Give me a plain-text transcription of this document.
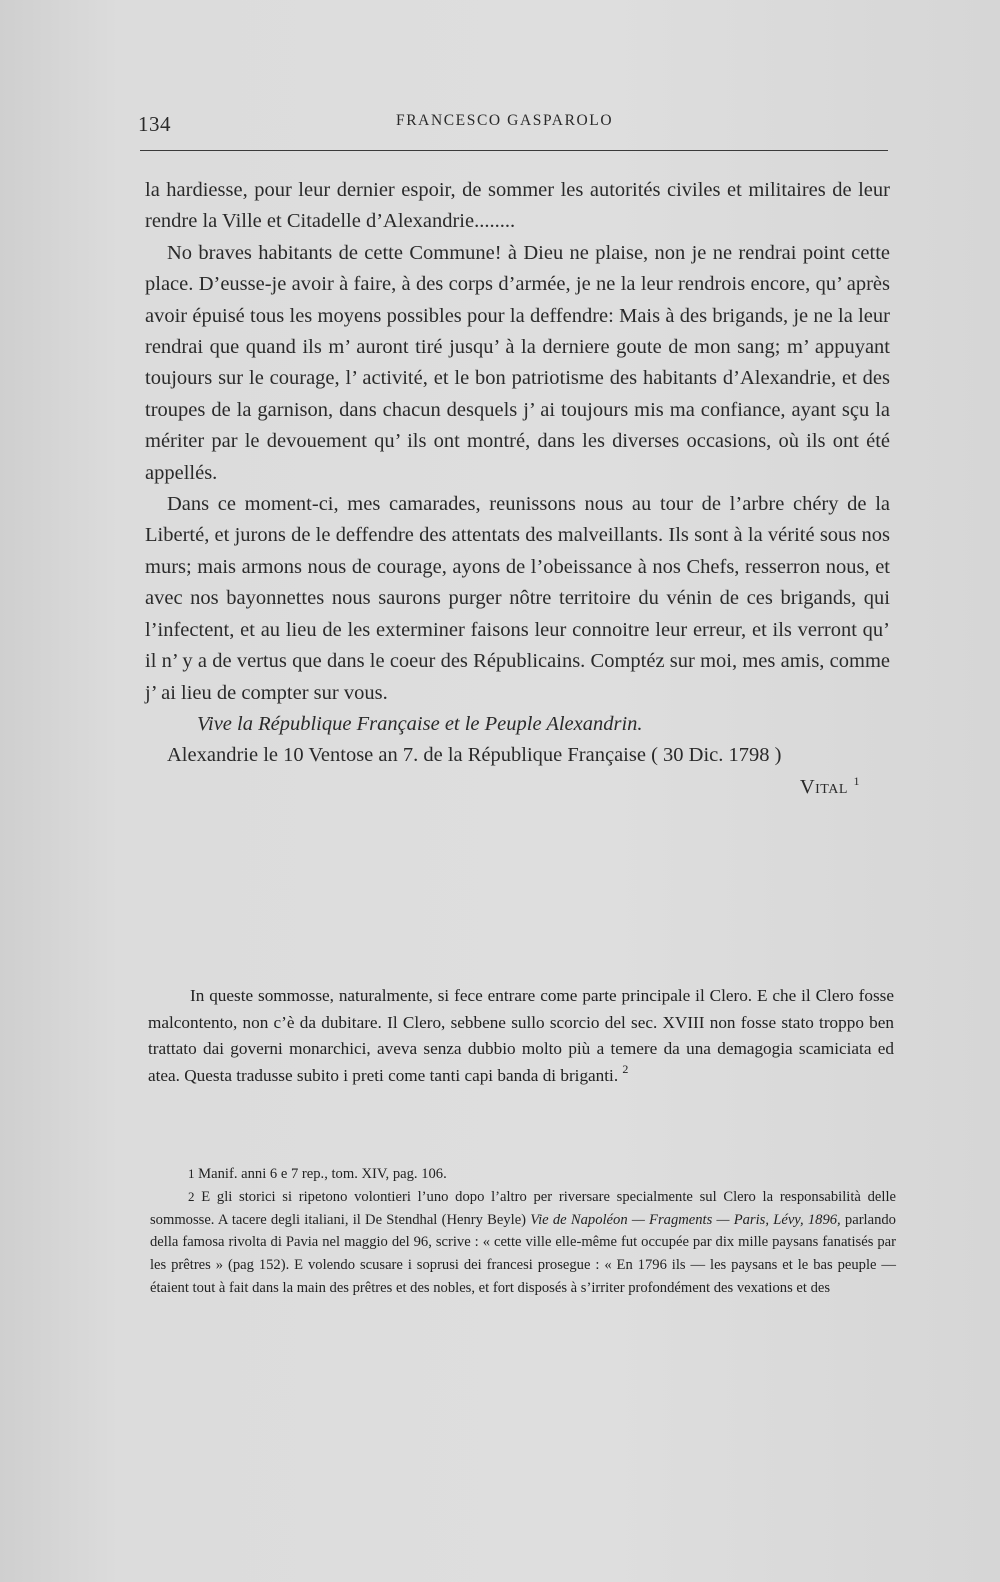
134	FRANCESCO GASPAROLO

la hardiesse, pour leur dernier espoir, de sommer les autorités civiles et militaires de leur rendre la Ville et Citadelle d’Alexandrie........

No braves habitants de cette Commune! à Dieu ne plaise, non je ne rendrai point cette place. D’eusse-je avoir à faire, à des corps d’armée, je ne la leur rendrois encore, qu’ après avoir épuisé tous les moyens possibles pour la deffendre: Mais à des brigands, je ne la leur rendrai que quand ils m’ auront tiré jusqu’ à la derniere goute de mon sang; m’ appuyant toujours sur le courage, l’ activité, et le bon patriotisme des habitants d’Alexandrie, et des troupes de la garnison, dans chacun desquels j’ ai toujours mis ma confiance, ayant sçu la mériter par le devouement qu’ ils ont montré, dans les diverses occasions, où ils ont été appellés.

Dans ce moment-ci, mes camarades, reunissons nous au tour de l’arbre chéry de la Liberté, et jurons de le deffendre des attentats des malveillants. Ils sont à la vérité sous nos murs; mais armons nous de courage, ayons de l’obeissance à nos Chefs, resserron nous, et avec nos bayonnettes nous saurons purger nôtre territoire du vénin de ces brigands, qui l’infectent, et au lieu de les exterminer faisons leur connoitre leur erreur, et ils verront qu’ il n’ y a de vertus que dans le coeur des Républicains. Comptéz sur moi, mes amis, comme j’ ai lieu de compter sur vous.

Vive la République Française et le Peuple Alexandrin.

Alexandrie le 10 Ventose an 7. de la République Française ( 30 Dic. 1798 )

Vital $^1$

In queste sommosse, naturalmente, si fece entrare come parte principale il Clero. E che il Clero fosse malcontento, non c’è da dubitare. Il Clero, sebbene sullo scorcio del sec. XVIII non fosse stato troppo ben trattato dai governi monarchici, aveva senza dubbio molto più a temere da una demagogia scamiciata ed atea. Questa tradusse subito i preti come tanti capi banda di briganti. $^2$

1 Manif. anni 6 e 7 rep., tom. XIV, pag. 106.

2 E gli storici si ripetono volontieri l’uno dopo l’altro per riversare specialmente sul Clero la responsabilità delle sommosse. A tacere degli italiani, il De Stendhal (Henry Beyle) Vie de Napoléon — Fragments — Paris, Lévy, 1896, parlando della famosa rivolta di Pavia nel maggio del 96, scrive : « cette ville elle-même fut occupée par dix mille paysans fanatisés par les prêtres » (pag 152). E volendo scusare i soprusi dei francesi prosegue : « En 1796 ils — les paysans et le bas peuple — étaient tout à fait dans la main des prêtres et des nobles, et fort disposés à s’irriter profondément des vexations et des
